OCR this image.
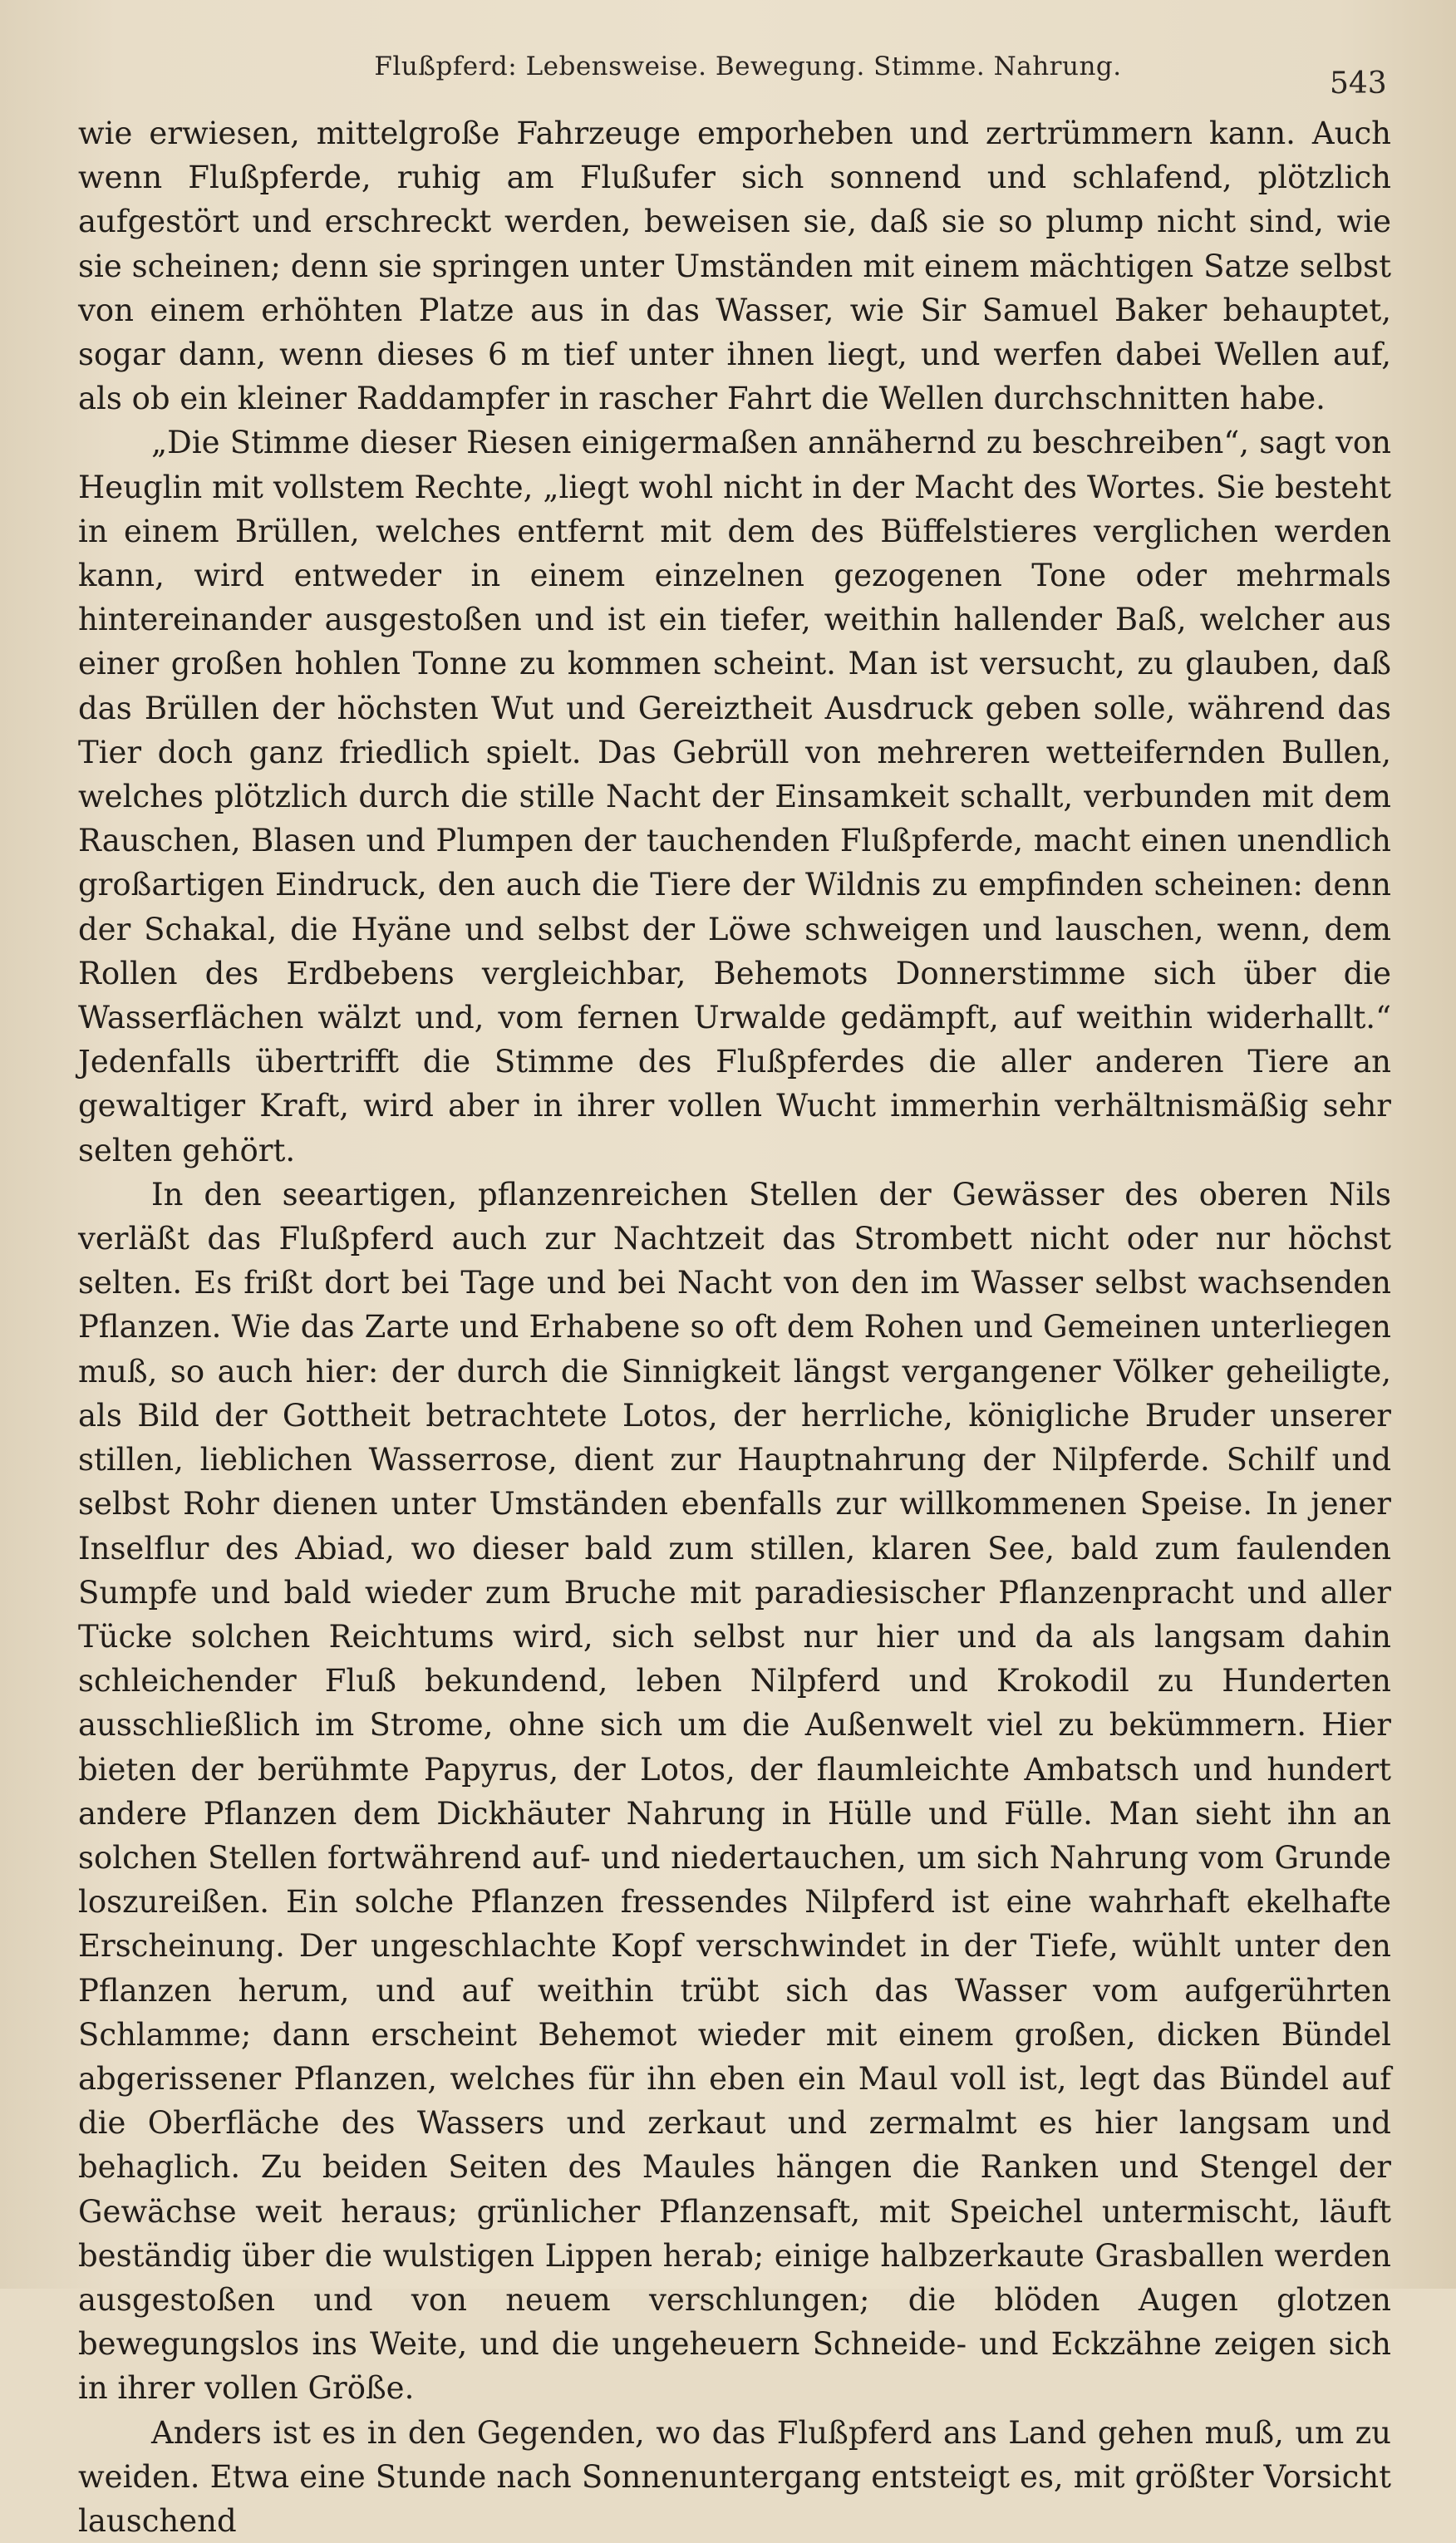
Flußpferd: Lebensweise. Bewegung. Stimme. Nahrung.	543

wie erwiesen, mittelgroße Fahrzeuge emporheben und zertrümmern kann. Auch wenn Flußpferde, ruhig am Flußufer sich sonnend und schlafend, plötzlich aufgestört und erschreckt werden, beweisen sie, daß sie so plump nicht sind, wie sie scheinen; denn sie springen unter Umständen mit einem mächtigen Satze selbst von einem erhöhten Platze aus in das Wasser, wie Sir Samuel Baker behauptet, sogar dann, wenn dieses 6 m tief unter ihnen liegt, und werfen dabei Wellen auf, als ob ein kleiner Raddampfer in rascher Fahrt die Wellen durchschnitten habe.

„Die Stimme dieser Riesen einigermaßen annähernd zu beschreiben“, sagt von Heuglin mit vollstem Rechte, „liegt wohl nicht in der Macht des Wortes. Sie besteht in einem Brüllen, welches entfernt mit dem des Büffelstieres verglichen werden kann, wird entweder in einem einzelnen gezogenen Tone oder mehrmals hintereinander ausgestoßen und ist ein tiefer, weithin hallender Baß, welcher aus einer großen hohlen Tonne zu kommen scheint. Man ist versucht, zu glauben, daß das Brüllen der höchsten Wut und Gereiztheit Ausdruck geben solle, während das Tier doch ganz friedlich spielt. Das Gebrüll von mehreren wetteifernden Bullen, welches plötzlich durch die stille Nacht der Einsamkeit schallt, verbunden mit dem Rauschen, Blasen und Plumpen der tauchenden Flußpferde, macht einen unendlich großartigen Eindruck, den auch die Tiere der Wildnis zu empfinden scheinen: denn der Schakal, die Hyäne und selbst der Löwe schweigen und lauschen, wenn, dem Rollen des Erdbebens vergleichbar, Behemots Donnerstimme sich über die Wasserflächen wälzt und, vom fernen Urwalde gedämpft, auf weithin widerhallt.“ Jedenfalls übertrifft die Stimme des Flußpferdes die aller anderen Tiere an gewaltiger Kraft, wird aber in ihrer vollen Wucht immerhin verhältnismäßig sehr selten gehört.

In den seeartigen, pflanzenreichen Stellen der Gewässer des oberen Nils verläßt das Flußpferd auch zur Nachtzeit das Strombett nicht oder nur höchst selten. Es frißt dort bei Tage und bei Nacht von den im Wasser selbst wachsenden Pflanzen. Wie das Zarte und Erhabene so oft dem Rohen und Gemeinen unterliegen muß, so auch hier: der durch die Sinnigkeit längst vergangener Völker geheiligte, als Bild der Gottheit betrachtete Lotos, der herrliche, königliche Bruder unserer stillen, lieblichen Wasserrose, dient zur Hauptnahrung der Nilpferde. Schilf und selbst Rohr dienen unter Umständen ebenfalls zur willkommenen Speise. In jener Inselflur des Abiad, wo dieser bald zum stillen, klaren See, bald zum faulenden Sumpfe und bald wieder zum Bruche mit paradiesischer Pflanzenpracht und aller Tücke solchen Reichtums wird, sich selbst nur hier und da als langsam dahin schleichender Fluß bekundend, leben Nilpferd und Krokodil zu Hunderten ausschließlich im Strome, ohne sich um die Außenwelt viel zu bekümmern. Hier bieten der berühmte Papyrus, der Lotos, der flaumleichte Ambatsch und hundert andere Pflanzen dem Dickhäuter Nahrung in Hülle und Fülle. Man sieht ihn an solchen Stellen fortwährend auf- und niedertauchen, um sich Nahrung vom Grunde loszureißen. Ein solche Pflanzen fressendes Nilpferd ist eine wahrhaft ekelhafte Erscheinung. Der ungeschlachte Kopf verschwindet in der Tiefe, wühlt unter den Pflanzen herum, und auf weithin trübt sich das Wasser vom aufgerührten Schlamme; dann erscheint Behemot wieder mit einem großen, dicken Bündel abgerissener Pflanzen, welches für ihn eben ein Maul voll ist, legt das Bündel auf die Oberfläche des Wassers und zerkaut und zermalmt es hier langsam und behaglich. Zu beiden Seiten des Maules hängen die Ranken und Stengel der Gewächse weit heraus; grünlicher Pflanzensaft, mit Speichel untermischt, läuft beständig über die wulstigen Lippen herab; einige halbzerkaute Grasballen werden ausgestoßen und von neuem verschlungen; die blöden Augen glotzen bewegungslos ins Weite, und die ungeheuern Schneide- und Eckzähne zeigen sich in ihrer vollen Größe.

Anders ist es in den Gegenden, wo das Flußpferd ans Land gehen muß, um zu weiden. Etwa eine Stunde nach Sonnenuntergang entsteigt es, mit größter Vorsicht lauschend
